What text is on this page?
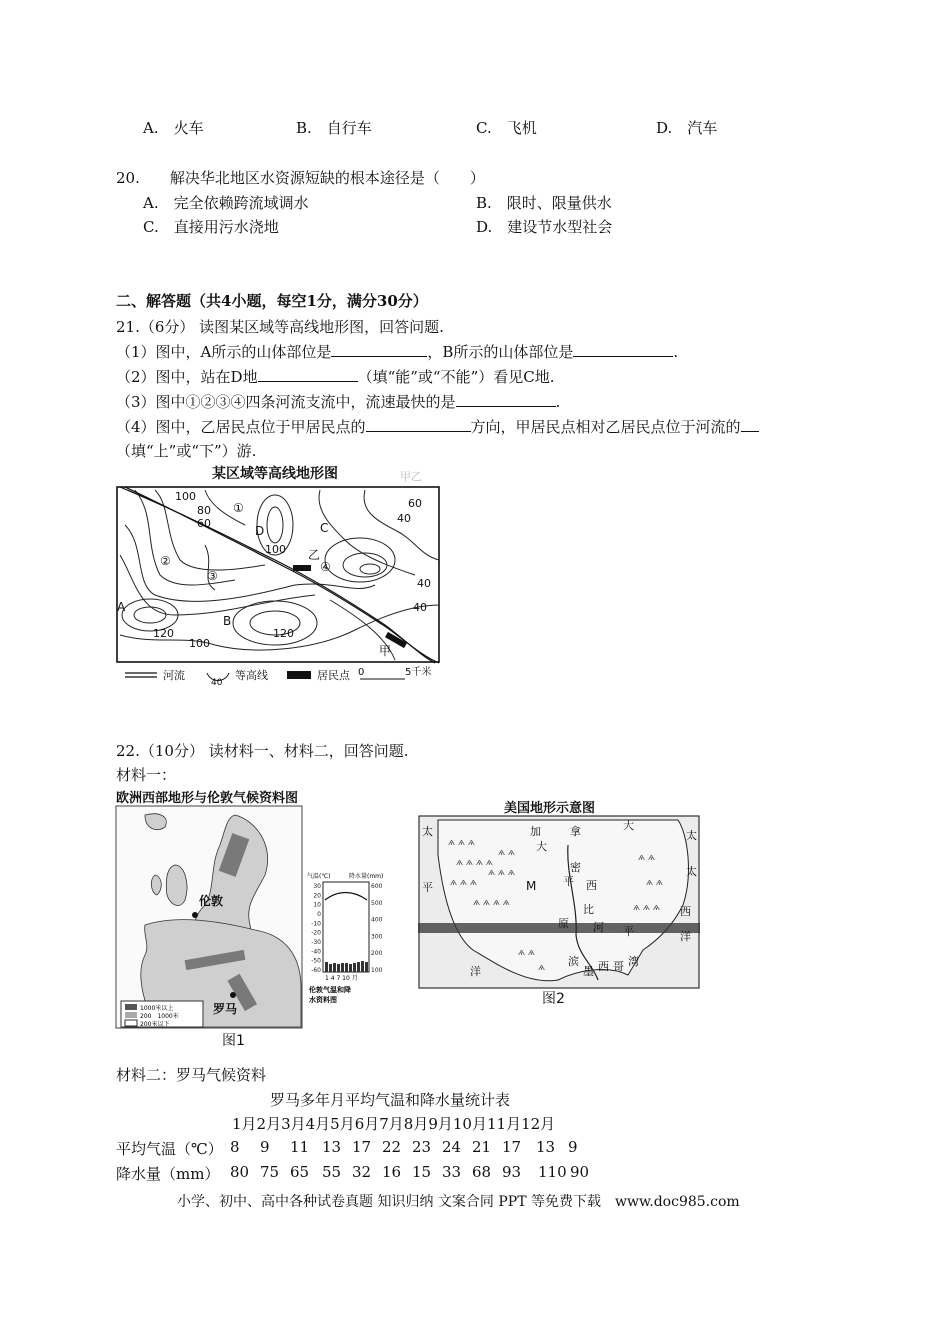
A.　火车	B.　自行车	C.　飞机	D.　汽车
20.　　解决华北地区水资源短缺的根本途径是（　　）
A.　完全依赖跨流域调水	B.　限时、限量供水
C.　直接用污水浇地	D.　建设节水型社会
二、解答题（共4小题，每空1分，满分30分）
21.（6分） 读图某区域等高线地形图，回答问题.
（1）图中，A所示的山体部位是	，B所示的山体部位是	.
（2）图中，站在D地	（填“能”或“不能”）看见C地.
（3）图中①②③④四条河流支流中，流速最快的是	.
（4）图中，乙居民点位于甲居民点的	方向，甲居民点相对乙居民点位于河流的
（填“上”或“下”）游.
某区域等高线地形图	甲乙
100
80
60
①
D
100
C
60
40
②
③
乙
④
40
40
A
120
B
120
100
甲
河流
40
等高线	居民点 0	5千米
22.（10分） 读材料一、材料二，回答问题.
材料一：
欧洲西部地形与伦敦气候资料图
伦敦
罗马
1000米以上
200　1000米
200米以下
图1
气温(℃)	降水量(mm)
30
20
10
0
-10
-20
-30
-40
-50
-60
600
500
400
300
200
100
1 4 7 10 月
伦敦气温和降
水资料图
美国地形示意图
ѧ ѧ ѧ
ѧ ѧ ѧ ѧ
ѧ ѧ ѧ
ѧ ѧ ѧ ѧ
ѧ ѧ
ѧ ѧ ѧ
ѧ ѧ
ѧ ѧ
ѧ ѧ ѧ
ѧ ѧ
ѧ
太
平
洋
加	拿	大
太
大
密
西
M 平
比
原 河 平
墨 西 哥 湾
滨
西
太
洋
图2
材料二：罗马气候资料
罗马多年月平均气温和降水量统计表
1月2月3月4月5月6月7月8月9月10月11月12月
平均气温（℃） 8 9 11 13 17 22 23 24 21 17 13 9
降水量（mm） 80 75 65 55 32 16 15 33 68 93 110 90
小学、初中、高中各种试卷真题 知识归纳 文案合同 PPT 等免费下载　www.doc985.com
